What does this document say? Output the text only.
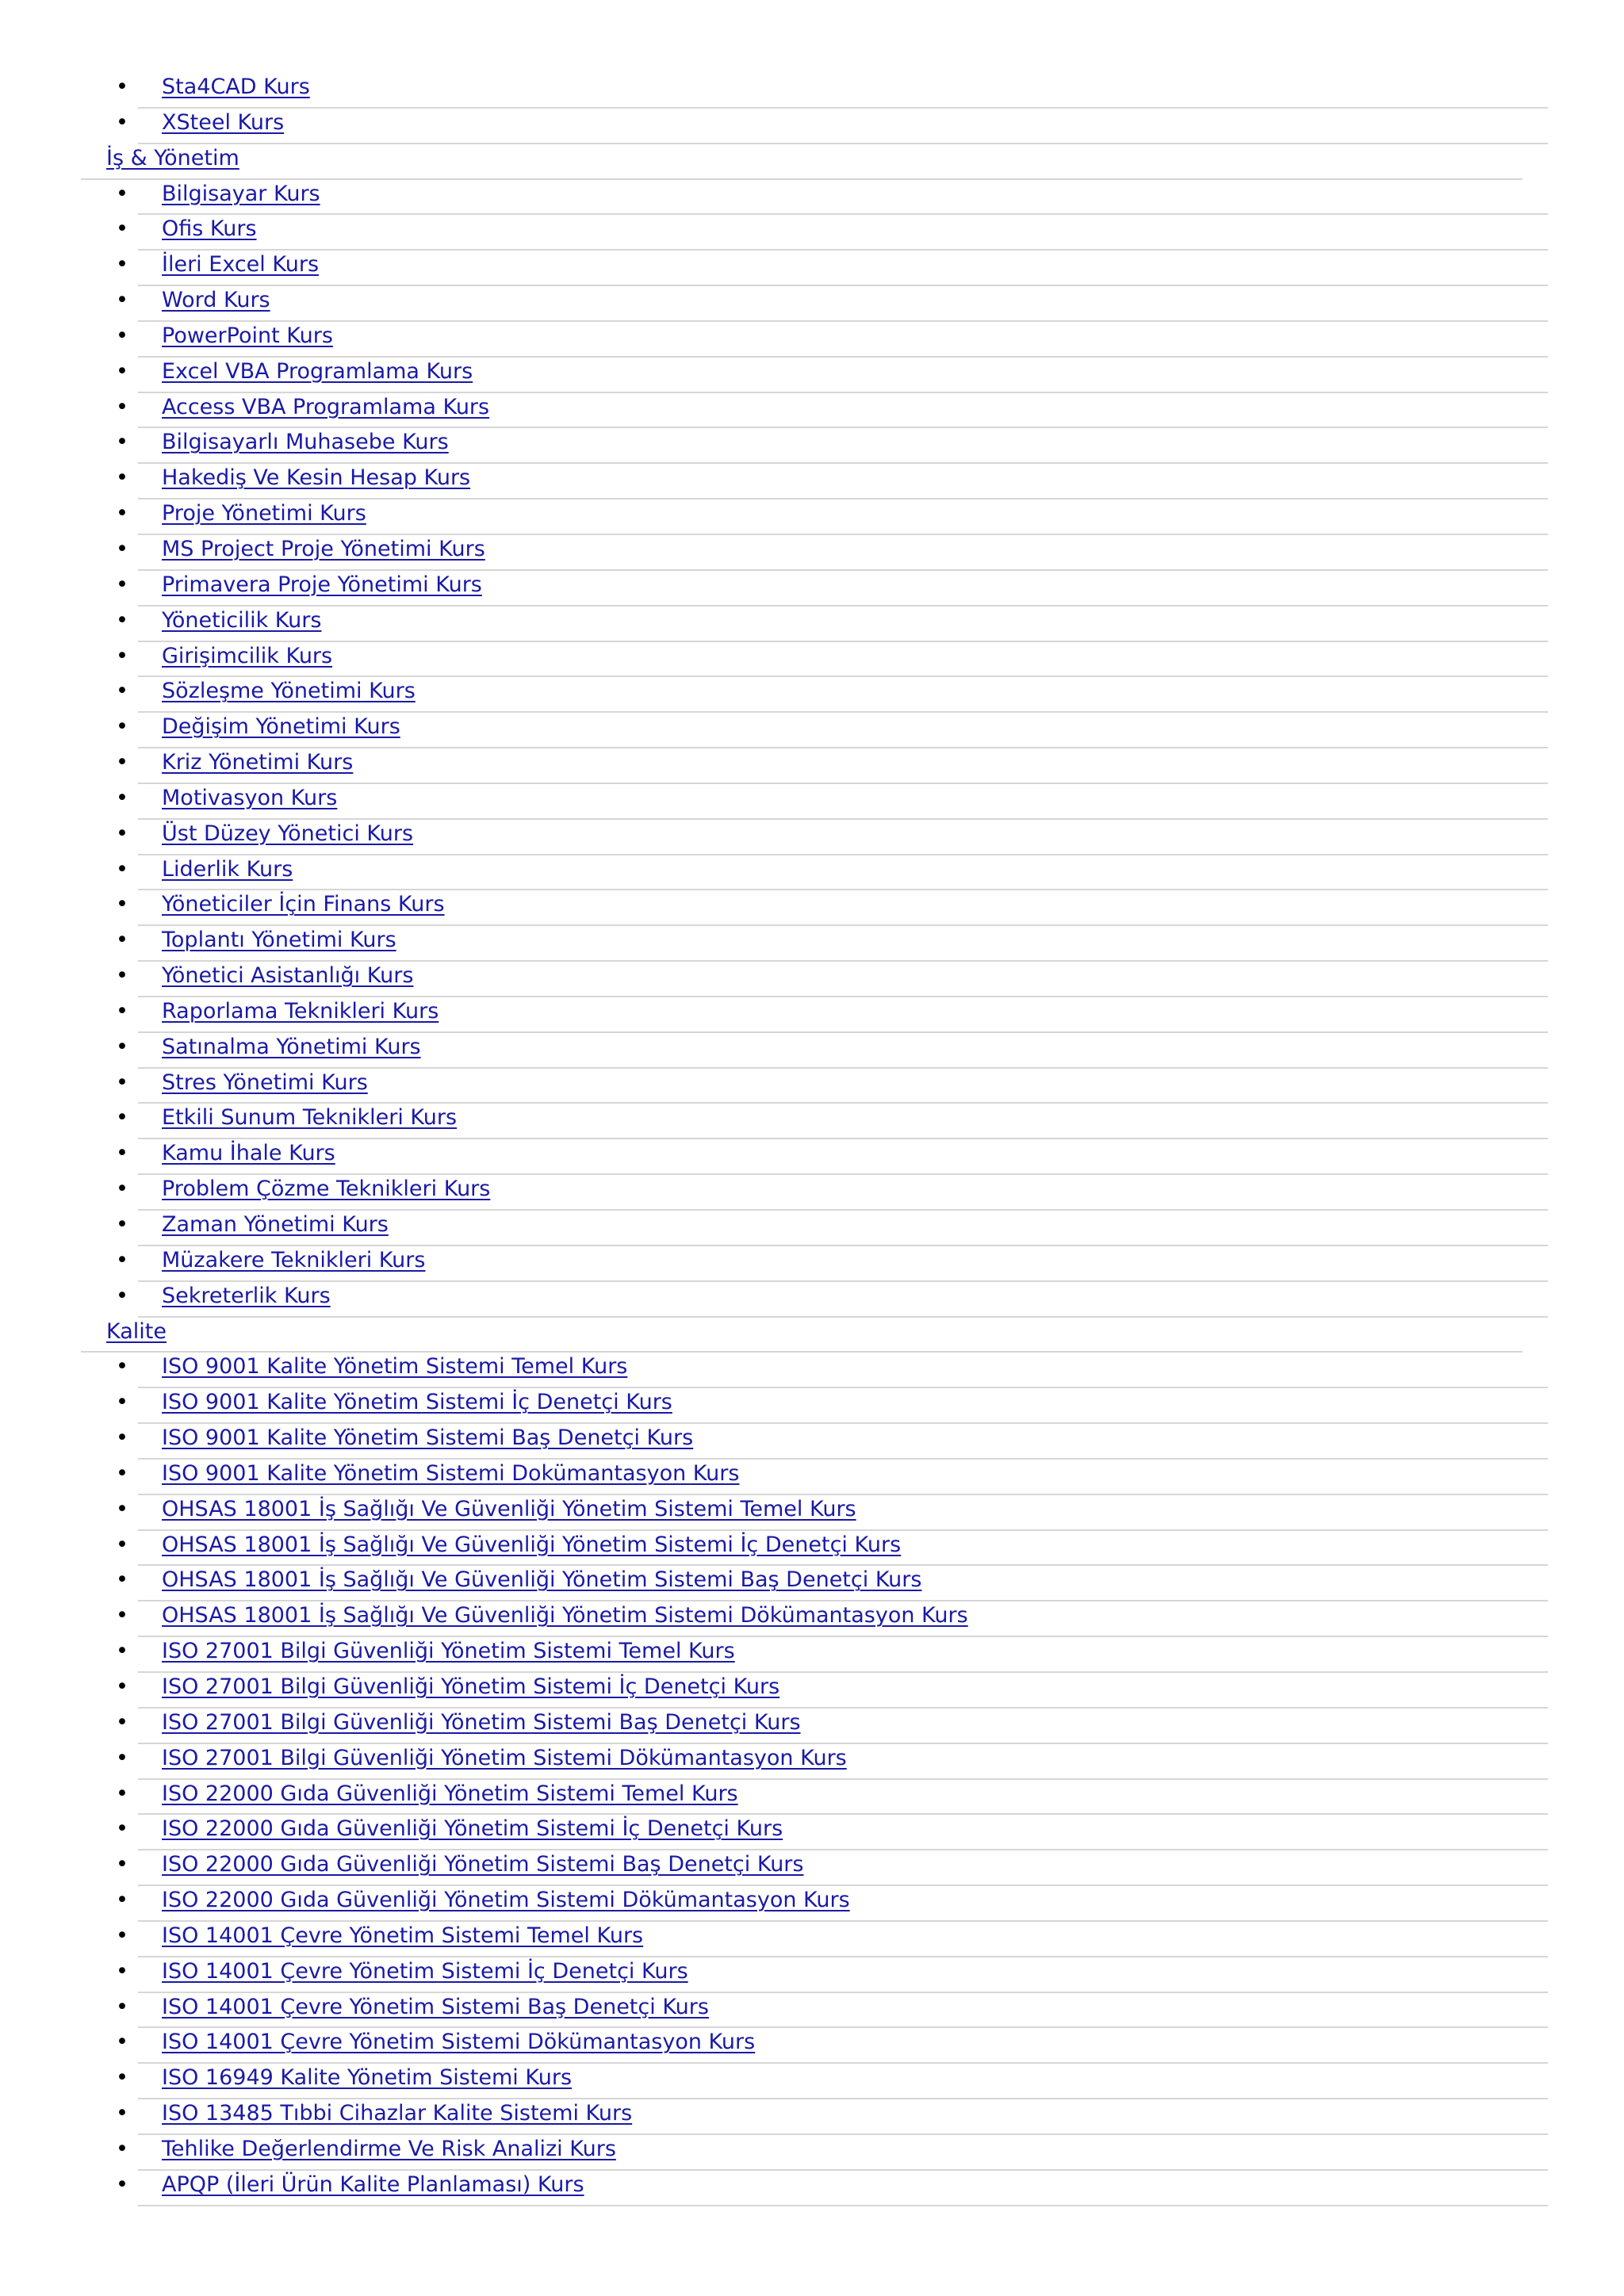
• Sta4CAD Kurs
• XSteel Kurs
İş & Yönetim
• Bilgisayar Kurs
• Ofis Kurs
• İleri Excel Kurs
• Word Kurs
• PowerPoint Kurs
• Excel VBA Programlama Kurs
• Access VBA Programlama Kurs
• Bilgisayarlı Muhasebe Kurs
• Hakediş Ve Kesin Hesap Kurs
• Proje Yönetimi Kurs
• MS Project Proje Yönetimi Kurs
• Primavera Proje Yönetimi Kurs
• Yöneticilik Kurs
• Girişimcilik Kurs
• Sözleşme Yönetimi Kurs
• Değişim Yönetimi Kurs
• Kriz Yönetimi Kurs
• Motivasyon Kurs
• Üst Düzey Yönetici Kurs
• Liderlik Kurs
• Yöneticiler İçin Finans Kurs
• Toplantı Yönetimi Kurs
• Yönetici Asistanlığı Kurs
• Raporlama Teknikleri Kurs
• Satınalma Yönetimi Kurs
• Stres Yönetimi Kurs
• Etkili Sunum Teknikleri Kurs
• Kamu İhale Kurs
• Problem Çözme Teknikleri Kurs
• Zaman Yönetimi Kurs
• Müzakere Teknikleri Kurs
• Sekreterlik Kurs
Kalite
• ISO 9001 Kalite Yönetim Sistemi Temel Kurs
• ISO 9001 Kalite Yönetim Sistemi İç Denetçi Kurs
• ISO 9001 Kalite Yönetim Sistemi Baş Denetçi Kurs
• ISO 9001 Kalite Yönetim Sistemi Dokümantasyon Kurs
• OHSAS 18001 İş Sağlığı Ve Güvenliği Yönetim Sistemi Temel Kurs
• OHSAS 18001 İş Sağlığı Ve Güvenliği Yönetim Sistemi İç Denetçi Kurs
• OHSAS 18001 İş Sağlığı Ve Güvenliği Yönetim Sistemi Baş Denetçi Kurs
• OHSAS 18001 İş Sağlığı Ve Güvenliği Yönetim Sistemi Dökümantasyon Kurs
• ISO 27001 Bilgi Güvenliği Yönetim Sistemi Temel Kurs
• ISO 27001 Bilgi Güvenliği Yönetim Sistemi İç Denetçi Kurs
• ISO 27001 Bilgi Güvenliği Yönetim Sistemi Baş Denetçi Kurs
• ISO 27001 Bilgi Güvenliği Yönetim Sistemi Dökümantasyon Kurs
• ISO 22000 Gıda Güvenliği Yönetim Sistemi Temel Kurs
• ISO 22000 Gıda Güvenliği Yönetim Sistemi İç Denetçi Kurs
• ISO 22000 Gıda Güvenliği Yönetim Sistemi Baş Denetçi Kurs
• ISO 22000 Gıda Güvenliği Yönetim Sistemi Dökümantasyon Kurs
• ISO 14001 Çevre Yönetim Sistemi Temel Kurs
• ISO 14001 Çevre Yönetim Sistemi İç Denetçi Kurs
• ISO 14001 Çevre Yönetim Sistemi Baş Denetçi Kurs
• ISO 14001 Çevre Yönetim Sistemi Dökümantasyon Kurs
• ISO 16949 Kalite Yönetim Sistemi Kurs
• ISO 13485 Tıbbi Cihazlar Kalite Sistemi Kurs
• Tehlike Değerlendirme Ve Risk Analizi Kurs
• APQP (İleri Ürün Kalite Planlaması) Kurs
